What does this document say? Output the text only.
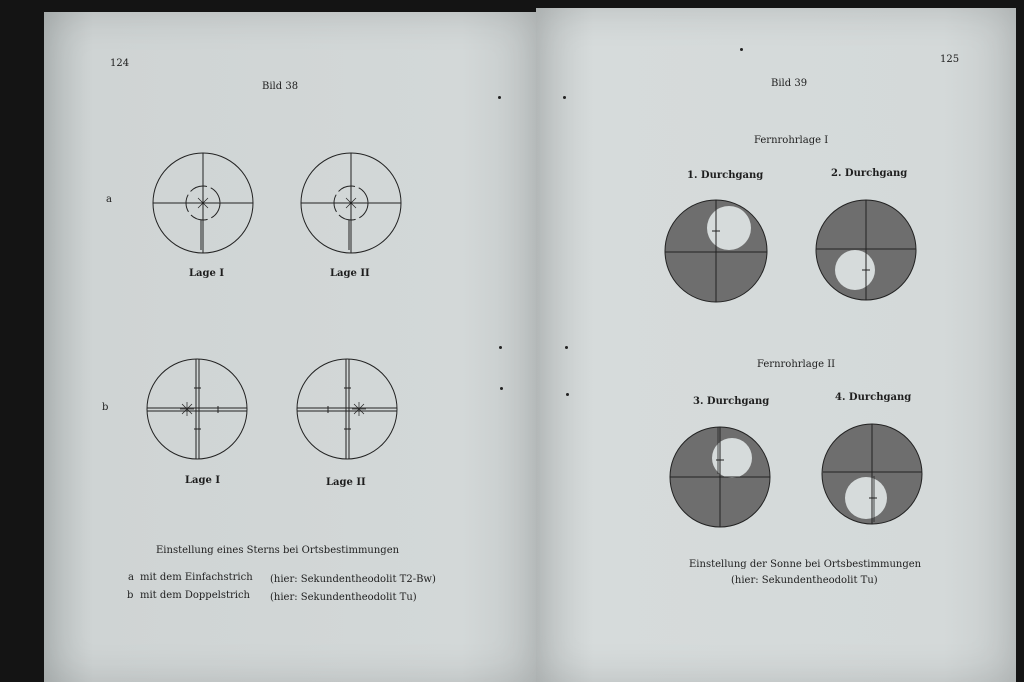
124
Bild 38
a
b
Lage I	Lage II
Lage I	Lage II
Einstellung eines Sterns bei Ortsbestimmungen
a mit dem Einfachstrich (hier: Sekundentheodolit T2-Bw)
b mit dem Doppelstrich (hier: Sekundentheodolit Tu)
125
Bild 39
Fernrohrlage I
1. Durchgang	2. Durchgang
Fernrohrlage II
3. Durchgang	4. Durchgang
Einstellung der Sonne bei Ortsbestimmungen
(hier: Sekundentheodolit Tu)
